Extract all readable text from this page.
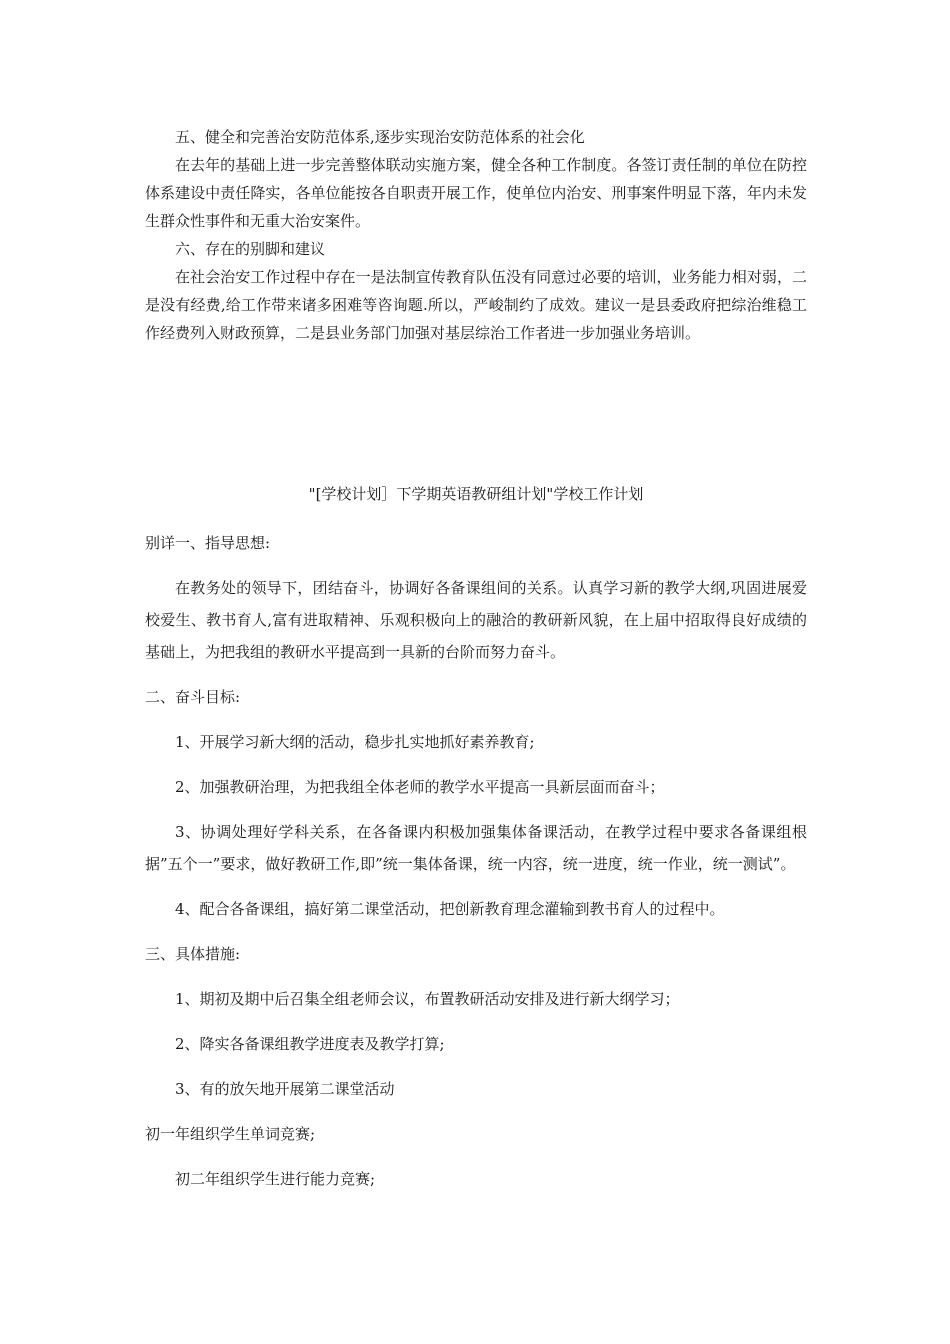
五、健全和完善治安防范体系,逐步实现治安防范体系的社会化

在去年的基础上进一步完善整体联动实施方案，健全各种工作制度。各签订责任制的单位在防控体系建设中责任降实，各单位能按各自职责开展工作，使单位内治安、刑事案件明显下落，年内未发生群众性事件和无重大治安案件。

六、存在的别脚和建议

在社会治安工作过程中存在一是法制宣传教育队伍没有同意过必要的培训，业务能力相对弱，二是没有经费,给工作带来诸多困难等咨询题.所以，严峻制约了成效。建议一是县委政府把综治维稳工作经费列入财政预算，二是县业务部门加强对基层综治工作者进一步加强业务培训。

"[学校计划］下学期英语教研组计划"学校工作计划

别详一、指导思想:

在教务处的领导下，团结奋斗，协调好各备课组间的关系。认真学习新的教学大纲,巩固进展爱校爱生、教书育人,富有进取精神、乐观积极向上的融洽的教研新风貌，在上届中招取得良好成绩的基础上，为把我组的教研水平提高到一具新的台阶而努力奋斗。

二、奋斗目标:

1、开展学习新大纲的活动，稳步扎实地抓好素养教育;

2、加强教研治理，为把我组全体老师的教学水平提高一具新层面而奋斗；

3、协调处理好学科关系，在各备课内积极加强集体备课活动，在教学过程中要求各备课组根据”五个一”要求，做好教研工作,即”统一集体备课，统一内容，统一进度，统一作业，统一测试”。

4、配合各备课组，搞好第二课堂活动，把创新教育理念灌输到教书育人的过程中。

三、具体措施:

1、期初及期中后召集全组老师会议，布置教研活动安排及进行新大纲学习；

2、降实各备课组教学进度表及教学打算;

3、有的放矢地开展第二课堂活动

初一年组织学生单词竞赛;

初二年组织学生进行能力竞赛;
